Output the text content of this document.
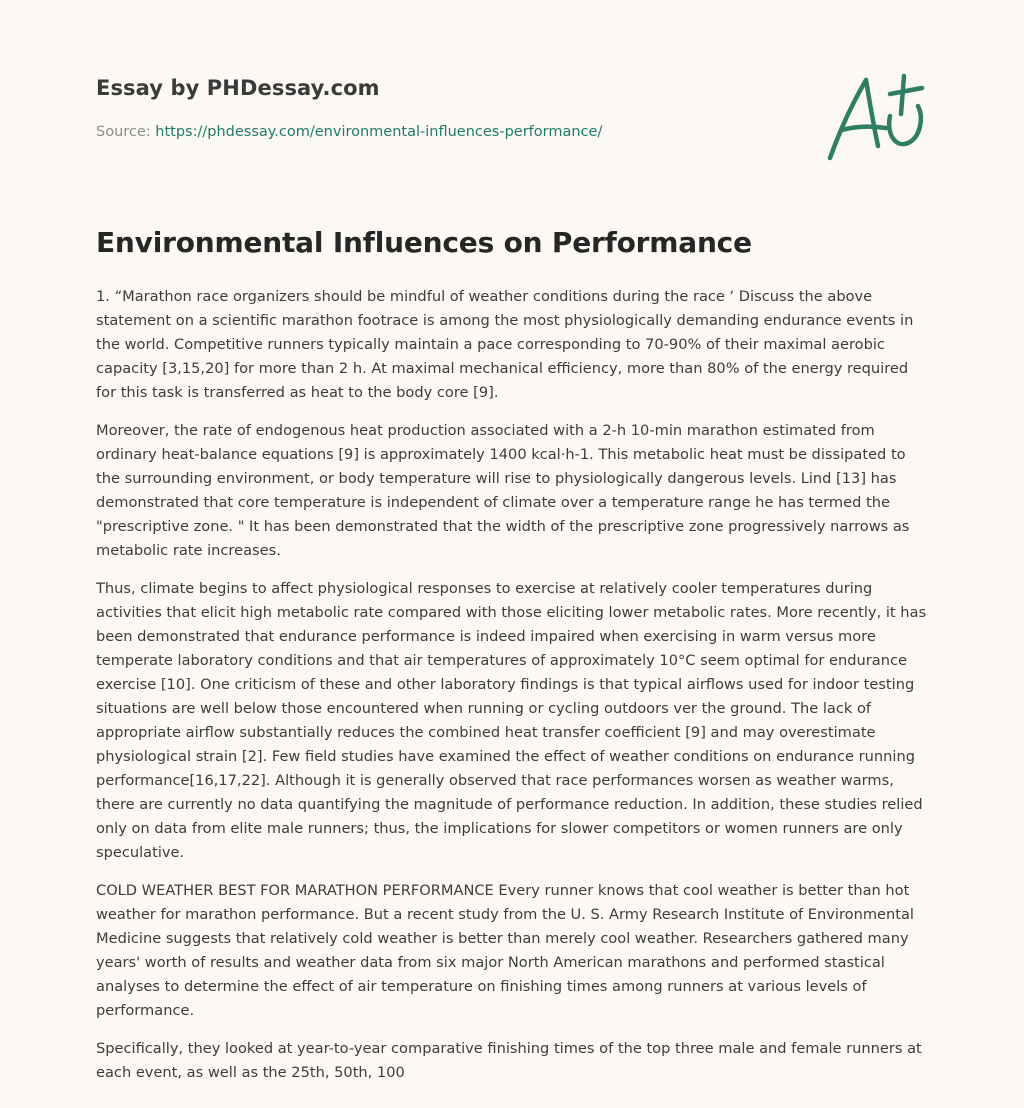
Essay by PHDessay.com
Source: https://phdessay.com/environmental-influences-performance/
Environmental Influences on Performance

1. “Marathon race organizers should be mindful of weather conditions during the race ‘ Discuss the above statement on a scientific marathon footrace is among the most physiologically demanding endurance events in the world. Competitive runners typically maintain a pace corresponding to 70-90% of their maximal aerobic capacity [3,15,20] for more than 2 h. At maximal mechanical efficiency, more than 80% of the energy required for this task is transferred as heat to the body core [9].

Moreover, the rate of endogenous heat production associated with a 2-h 10-min marathon estimated from ordinary heat-balance equations [9] is approximately 1400 kcal·h-1. This metabolic heat must be dissipated to the surrounding environment, or body temperature will rise to physiologically dangerous levels. Lind [13] has demonstrated that core temperature is independent of climate over a temperature range he has termed the "prescriptive zone. " It has been demonstrated that the width of the prescriptive zone progressively narrows as metabolic rate increases.

Thus, climate begins to affect physiological responses to exercise at relatively cooler temperatures during activities that elicit high metabolic rate compared with those eliciting lower metabolic rates. More recently, it has been demonstrated that endurance performance is indeed impaired when exercising in warm versus more temperate laboratory conditions and that air temperatures of approximately 10°C seem optimal for endurance exercise [10]. One criticism of these and other laboratory findings is that typical airflows used for indoor testing situations are well below those encountered when running or cycling outdoors ver the ground. The lack of appropriate airflow substantially reduces the combined heat transfer coefficient [9] and may overestimate physiological strain [2]. Few field studies have examined the effect of weather conditions on endurance running performance[16,17,22]. Although it is generally observed that race performances worsen as weather warms, there are currently no data quantifying the magnitude of performance reduction. In addition, these studies relied only on data from elite male runners; thus, the implications for slower competitors or women runners are only speculative.

COLD WEATHER BEST FOR MARATHON PERFORMANCE Every runner knows that cool weather is better than hot weather for marathon performance. But a recent study from the U. S. Army Research Institute of Environmental Medicine suggests that relatively cold weather is better than merely cool weather. Researchers gathered many years' worth of results and weather data from six major North American marathons and performed stastical analyses to determine the effect of air temperature on finishing times among runners at various levels of performance.

Specifically, they looked at year-to-year comparative finishing times of the top three male and female runners at each event, as well as the 25th, 50th, 100
